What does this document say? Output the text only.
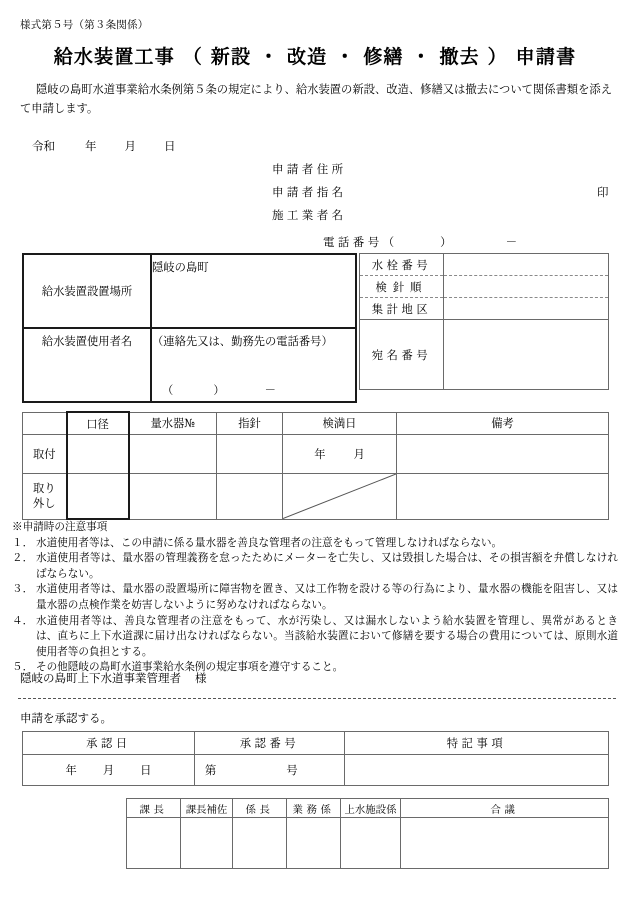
様式第５号（第３条関係）
給水装置工事 （ 新設 ・ 改造 ・ 修繕 ・ 撤去 ） 申請書
隠岐の島町水道事業給水条例第５条の規定により、給水装置の新設、改造、修繕又は撤去について関係書類を添えて申請します。
令和	年 月 日
申請者住所
申請者指名	印
施工業者名
電話番号（	）	－
給水装置設置場所	隠岐の島町

給水装置使用者名	（連絡先又は、勤務先の電話番号）

	（ ） －
水栓番号	
検針順	
集計地区	
宛名番号	
	口径	量水器№	指針	検満日	備考
取付				年 月	
取り
外し				

※申請時の注意事項
１． 水道使用者等は、この申請に係る量水器を善良な管理者の注意をもって管理しなければならない。
２． 水道使用者等は、量水器の管理義務を怠ったためにメーターを亡失し、又は毀損した場合は、その損害額を弁償しなければならない。
３． 水道使用者等は、量水器の設置場所に障害物を置き、又は工作物を設ける等の行為により、量水器の機能を阻害し、又は量水器の点検作業を妨害しないように努めなければならない。
４． 水道使用者等は、善良な管理者の注意をもって、水が汚染し、又は漏水しないよう給水装置を管理し、異常があるときは、直ちに上下水道課に届け出なければならない。当該給水装置において修繕を要する場合の費用については、原則水道使用者等の負担とする。
５． その他隠岐の島町水道事業給水条例の規定事項を遵守すること。
隠岐の島町上下水道事業管理者 様
申請を承認する。
承認日	承認番号	特記事項
年 月 日	第 号	
課長	課長補佐	係長	業務係	上水施設係	合議
